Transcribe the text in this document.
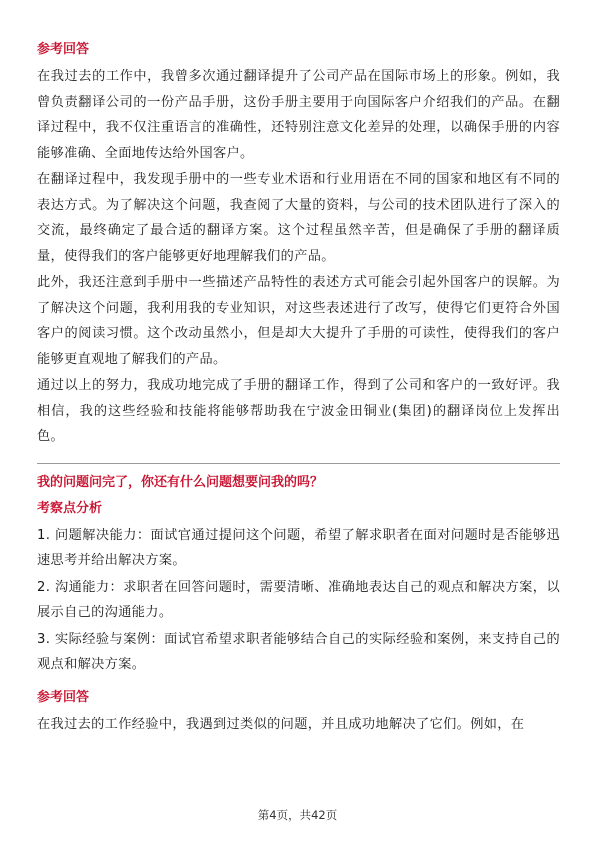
参考回答

在我过去的工作中，我曾多次通过翻译提升了公司产品在国际市场上的形象。例如，我曾负责翻译公司的一份产品手册，这份手册主要用于向国际客户介绍我们的产品。在翻译过程中，我不仅注重语言的准确性，还特别注意文化差异的处理，以确保手册的内容能够准确、全面地传达给外国客户。

在翻译过程中，我发现手册中的一些专业术语和行业用语在不同的国家和地区有不同的表达方式。为了解决这个问题，我查阅了大量的资料，与公司的技术团队进行了深入的交流，最终确定了最合适的翻译方案。这个过程虽然辛苦，但是确保了手册的翻译质量，使得我们的客户能够更好地理解我们的产品。

此外，我还注意到手册中一些描述产品特性的表述方式可能会引起外国客户的误解。为了解决这个问题，我利用我的专业知识，对这些表述进行了改写，使得它们更符合外国客户的阅读习惯。这个改动虽然小，但是却大大提升了手册的可读性，使得我们的客户能够更直观地了解我们的产品。

通过以上的努力，我成功地完成了手册的翻译工作，得到了公司和客户的一致好评。我相信，我的这些经验和技能将能够帮助我在宁波金田铜业(集团)的翻译岗位上发挥出色。

我的问题问完了，你还有什么问题想要问我的吗？
考察点分析

1. 问题解决能力：面试官通过提问这个问题，希望了解求职者在面对问题时是否能够迅速思考并给出解决方案。

2. 沟通能力：求职者在回答问题时，需要清晰、准确地表达自己的观点和解决方案，以展示自己的沟通能力。

3. 实际经验与案例：面试官希望求职者能够结合自己的实际经验和案例，来支持自己的观点和解决方案。

参考回答

在我过去的工作经验中，我遇到过类似的问题，并且成功地解决了它们。例如，在

第4页，共42页
